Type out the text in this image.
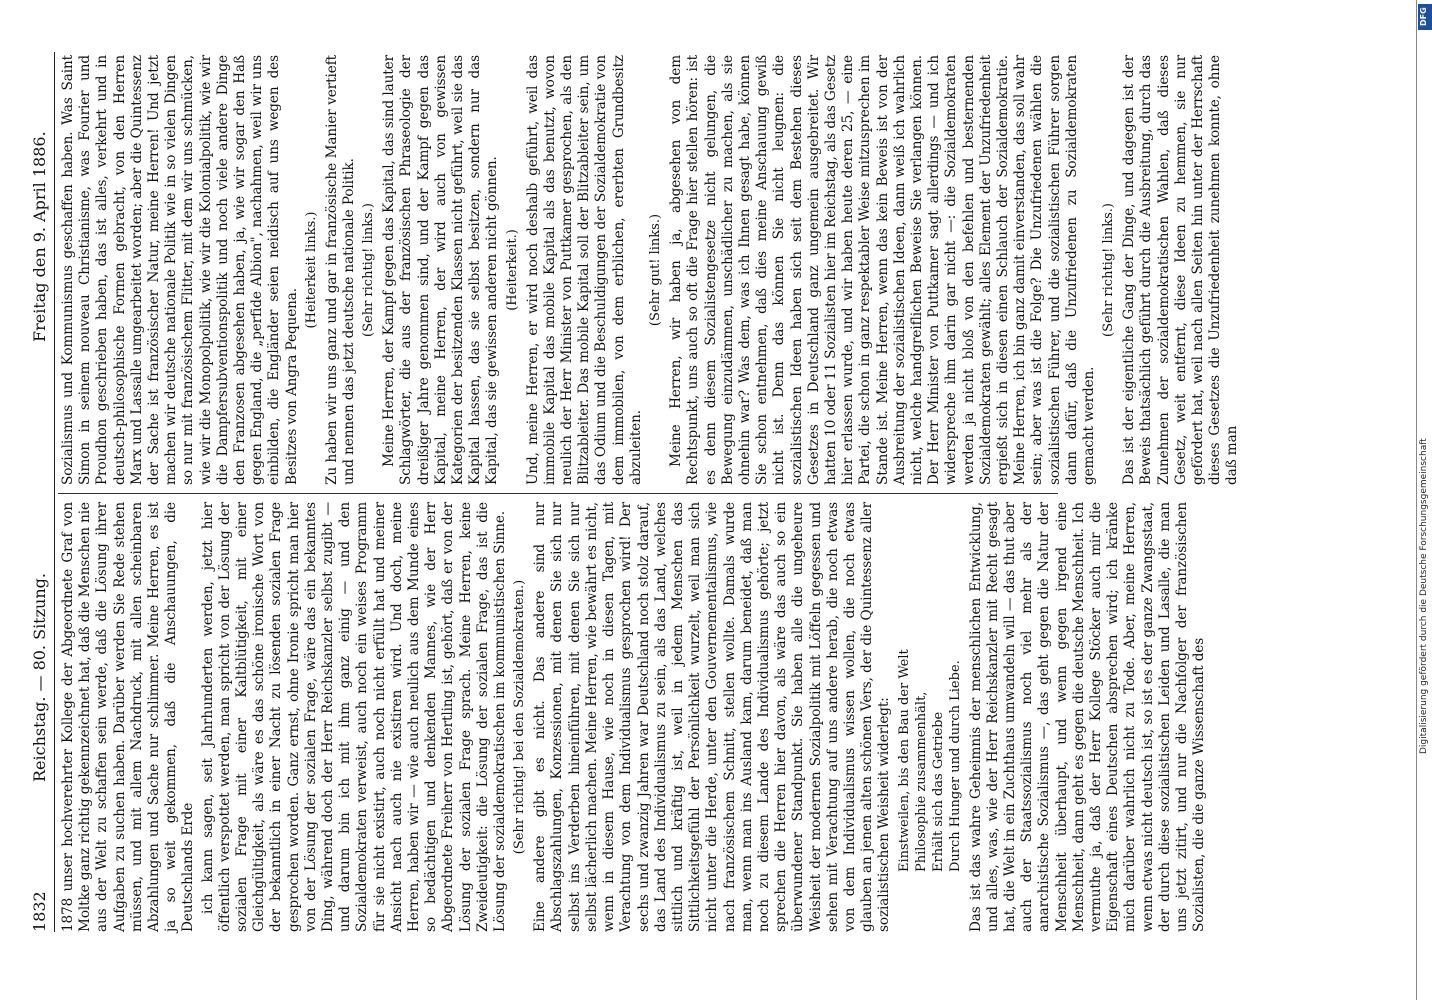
1832
Reichstag. — 80. Sitzung.
Freitag den 9. April 1886.

1878 unser hochverehrter Kollege der Abgeordnete Graf von Moltke ganz richtig gekennzeichnet hat, daß die Menschen nie aus der Welt zu schaffen sein werde, daß die Lösung ihrer Aufgaben zu suchen haben. Darüber werden Sie Rede stehen müssen, und mit allem Nachdruck, mit allen scheinbaren Abzahlungen und Sache nur schlimmer. Meine Herren, es ist ja so weit gekommen, daß die Anschauungen, die Deutschlands Erde ich kann sagen, seit Jahrhunderten werden, jetzt hier öffentlich verspottet werden, man spricht von der Lösung der sozialen Frage mit einer Kaltblütigkeit, mit einer Gleichgültigkeit, als wäre es das schöne ironische Wort von der bekanntlich in einer Nacht zu lösenden sozialen Frage gesprochen worden. Ganz ernst, ohne Ironie spricht man hier von der Lösung der sozialen Frage, wäre das ein bekanntes Ding, während doch der Herr Reichskanzler selbst zugibt — und darum bin ich mit ihm ganz einig — und den Sozialdemokraten verweist, auch noch ein weises Programm für sie nicht existirt, auch noch nicht erfüllt hat und meiner Ansicht nach auch nie existiren wird. Und doch, meine Herren, haben wir — wie auch neulich aus dem Munde eines so bedächtigen und denkenden Mannes, wie der Herr Abgeordnete Freiherr von Hertling ist, gehört, daß er von der Lösung der sozialen Frage sprach. Meine Herren, keine Zweideutigkeit: die Lösung der sozialen Frage, das ist die Lösung der sozialdemokratischen im kommunistischen Sinne. (Sehr richtig! bei den Sozialdemokraten.) Eine andere gibt es nicht. Das andere sind nur Abschlagszahlungen, Konzessionen, mit denen Sie sich nur selbst ins Verderben hineinführen, mit denen Sie sich nur selbst lächerlich machen. Meine Herren, wie bewährt es nicht, wenn in diesem Hause, wie noch in diesen Tagen, mit Verachtung von dem Individualismus gesprochen wird! Der sechs und zwanzig Jahren war Deutschland noch stolz darauf, das Land des Individualismus zu sein, als das Land, welches sittlich und kräftig ist, weil in jedem Menschen das Sittlichkeitsgefühl der Persönlichkeit wurzelt, weil man sich nicht unter die Herde, unter den Gouvernementalismus, wie nach französischem Schnitt, stellen wollte. Damals wurde man, wenn man ins Ausland kam, darum beneidet, daß man noch zu diesem Lande des Individualismus gehörte; jetzt sprechen die Herren hier davon, als wäre das auch so ein überwundener Standpunkt. Sie haben alle die ungeheure Weisheit der modernen Sozialpolitik mit Löffeln gegessen und sehen mit Verachtung auf uns andere herab, die noch etwas von dem Individualismus wissen wollen, die noch etwas glauben an jenen alten schönen Vers, der die Quintessenz aller sozialistischen Weisheit widerlegt: Einstweilen, bis den Bau der Welt Philosophie zusammenhält, Erhält sich das Getriebe Durch Hunger und durch Liebe. Das ist das wahre Geheimnis der menschlichen Entwicklung, und alles, was, wie der Herr Reichskanzler mit Recht gesagt hat, die Welt in ein Zuchthaus umwandeln will — das thut aber auch der Staatssozialismus noch viel mehr als der anarchistische Sozialismus —, das geht gegen die Natur der Menschheit überhaupt, und wenn gegen irgend eine Menschheit, dann geht es gegen die deutsche Menschheit. Ich vermuthe ja, daß der Herr Kollege Stöcker auch mir die Eigenschaft eines Deutschen absprechen wird; ich kränke mich darüber wahrlich nicht zu Tode. Aber, meine Herren, wenn etwas nicht deutsch ist, so ist es der ganze Zwangsstaat, der durch diese sozialistischen Leiden und Lasalle, die man uns jetzt zitirt, und nur die Nachfolger der französischen Sozialisten, die die ganze Wissenschaft des

Sozialismus und Kommunismus geschaffen haben. Was Saint Simon in seinem nouveau Christianisme, was Fourier und Proudhon geschrieben haben, das ist alles, verkehrt und in deutsch-philosophische Formen gebracht, von den Herren Marx und Lassalle umgearbeitet worden; aber die Quintessenz der Sache ist französischer Natur, meine Herren! Und jetzt machen wir deutsche nationale Politik wie in so vielen Dingen so nur mit französischem Flitter, mit dem wir uns schmücken, wie wir die Monopolpolitik, wie wir die Kolonialpolitik, wie wir die Dampfersubventionspolitik und noch viele andere Dinge den Franzosen abgesehen haben, ja, wie wir sogar den Haß gegen England, die „perfide Albion", nachahmen, weil wir uns einbilden, die Engländer seien neidisch auf uns wegen des Besitzes von Angra Pequena.

(Heiterkeit links.) Zu haben wir uns ganz und gar in französische Manier vertieft und nennen das jetzt deutsche nationale Politik. (Sehr richtig! links.) Meine Herren, der Kampf gegen das Kapital, das sind lauter Schlagwörter, die aus der französischen Phraseologie der dreißiger Jahre genommen sind, und der Kampf gegen das Kapital, meine Herren, der wird auch von gewissen Kategorien der besitzenden Klassen nicht geführt, weil sie das Kapital hassen, das sie selbst besitzen, sondern nur das Kapital, das sie gewissen anderen nicht gönnen. (Heiterkeit.) Und, meine Herren, er wird noch deshalb geführt, weil das immobile Kapital das mobile Kapital als das benutzt, wovon neulich der Herr Minister von Puttkamer gesprochen, als den Blitzableiter. Das mobile Kapital soll der Blitzableiter sein, um das Odium und die Beschuldigungen der Sozialdemokratie von dem immobilen, von dem erblichen, ererbten Grundbesitz abzuleiten.

(Sehr gut! links.) Meine Herren, wir haben ja, abgesehen von dem Rechtspunkt, uns auch so oft die Frage hier stellen hören: ist es denn diesem Sozialistengesetze nicht gelungen, die Bewegung einzudämmen, unschädlicher zu machen, als sie ohnehin war? Was dem, was ich Ihnen gesagt habe, können Sie schon entnehmen, daß dies meine Anschauung gewiß nicht ist. Denn das können Sie nicht leugnen: die sozialistischen Ideen haben sich seit dem Bestehen dieses Gesetzes in Deutschland ganz ungemein ausgebreitet. Wir hatten 10 oder 11 Sozialisten hier im Reichstag, als das Gesetz hier erlassen wurde, und wir haben heute deren 25, — eine Partei, die schon in ganz respektabler Weise mitzusprechen im Stande ist. Meine Herren, wenn das kein Beweis ist von der Ausbreitung der sozialistischen Ideen, dann weiß ich wahrlich nicht, welche handgreiflichen Beweise Sie verlangen können. Der Herr Minister von Puttkamer sagt allerdings — und ich widerspreche ihm darin gar nicht —: die Sozialdemokraten werden ja nicht bloß von den befehlen und besternenden Sozialdemokraten gewählt; alles Element der Unzufriedenheit ergießt sich in diesen einen Schlauch der Sozialdemokratie. Meine Herren, ich bin ganz damit einverstanden, das soll wahr sein; aber was ist die Folge? Die Unzufriedenen wählen die sozialistischen Führer, und die sozialistischen Führer sorgen dann dafür, daß die Unzufriedenen zu Sozialdemokraten gemacht werden.

(Sehr richtig! links.) Das ist der eigentliche Gang der Dinge, und dagegen ist der Beweis thatsächlich geführt durch die Ausbreitung, durch das Zunehmen der sozialdemokratischen Wahlen, daß dieses Gesetz, weit entfernt, diese Ideen zu hemmen, sie nur gefördert hat, weil nach allen Seiten hin unter der Herrschaft dieses Gesetzes die Unzufriedenheit zunehmen konnte, ohne daß man

DFG
Digitalisierung gefördert durch die Deutsche Forschungsgemeinschaft
